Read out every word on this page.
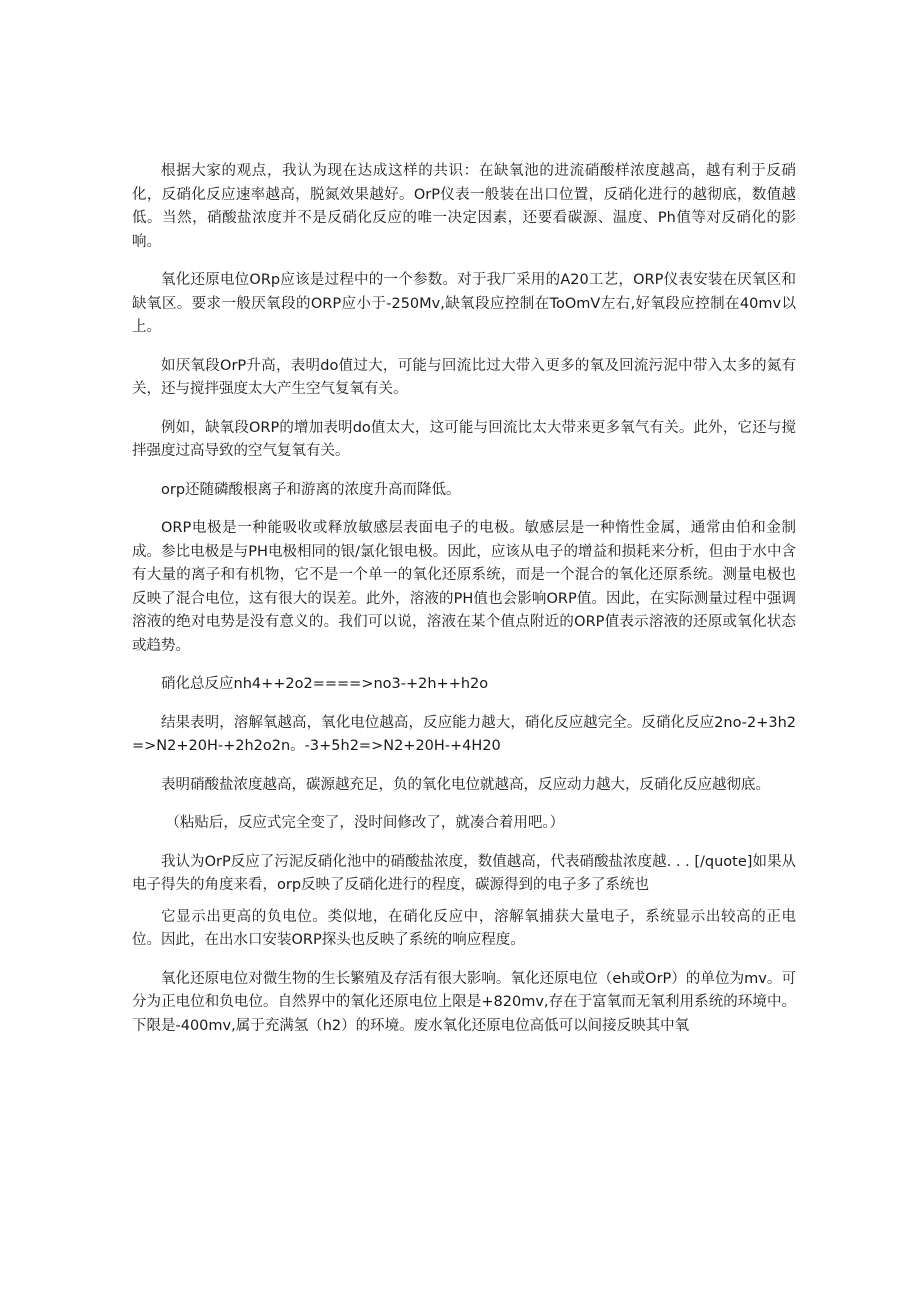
根据大家的观点，我认为现在达成这样的共识：在缺氧池的进流硝酸样浓度越高，越有利于反硝化，反硝化反应速率越高，脱氮效果越好。OrP仪表一般装在出口位置，反硝化进行的越彻底，数值越低。当然，硝酸盐浓度并不是反硝化反应的唯一决定因素，还要看碳源、温度、Ph值等对反硝化的影响。

氧化还原电位ORp应该是过程中的一个参数。对于我厂采用的A20工艺，ORP仪表安装在厌氧区和缺氧区。要求一般厌氧段的ORP应小于-250Mv,缺氧段应控制在ToOmV左右,好氧段应控制在40mv以上。

如厌氧段OrP升高，表明do值过大，可能与回流比过大带入更多的氧及回流污泥中带入太多的氮有关，还与搅拌强度太大产生空气复氧有关。

例如，缺氧段ORP的增加表明do值太大，这可能与回流比太大带来更多氧气有关。此外，它还与搅拌强度过高导致的空气复氧有关。

orp还随磷酸根离子和游离的浓度升高而降低。

ORP电极是一种能吸收或释放敏感层表面电子的电极。敏感层是一种惰性金属，通常由伯和金制成。参比电极是与PH电极相同的银/氯化银电极。因此，应该从电子的增益和损耗来分析，但由于水中含有大量的离子和有机物，它不是一个单一的氧化还原系统，而是一个混合的氧化还原系统。测量电极也反映了混合电位，这有很大的误差。此外，溶液的PH值也会影响ORP值。因此，在实际测量过程中强调溶液的绝对电势是没有意义的。我们可以说，溶液在某个值点附近的ORP值表示溶液的还原或氧化状态或趋势。

硝化总反应nh4++2o2====>no3-+2h++h2o

结果表明，溶解氧越高，氧化电位越高，反应能力越大，硝化反应越完全。反硝化反应2no-2+3h2=>N2+20H-+2h2o2n。-3+5h2=>N2+20H-+4H20

表明硝酸盐浓度越高，碳源越充足，负的氧化电位就越高，反应动力越大，反硝化反应越彻底。

（粘贴后，反应式完全变了，没时间修改了，就凑合着用吧。）

我认为OrP反应了污泥反硝化池中的硝酸盐浓度，数值越高，代表硝酸盐浓度越. . . [/quote]如果从电子得失的角度来看，orp反映了反硝化进行的程度，碳源得到的电子多了系统也

它显示出更高的负电位。类似地，在硝化反应中，溶解氧捕获大量电子，系统显示出较高的正电位。因此，在出水口安装ORP探头也反映了系统的响应程度。

氧化还原电位对微生物的生长繁殖及存活有很大影响。氧化还原电位（eh或OrP）的单位为mv。可分为正电位和负电位。自然界中的氧化还原电位上限是+820mv,存在于富氧而无氧利用系统的环境中。下限是-400mv,属于充满氢（h2）的环境。废水氧化还原电位高低可以间接反映其中氧
